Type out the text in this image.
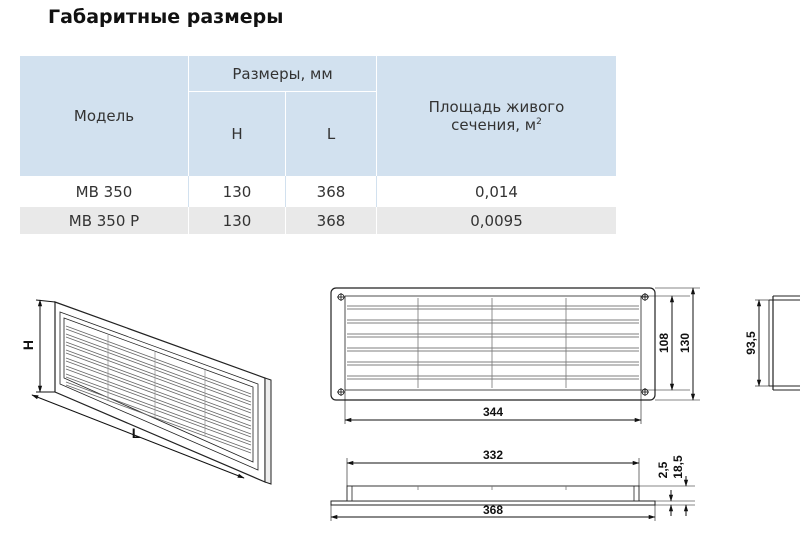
Габаритные размеры
Модель	Размеры, мм		Площадь живого
сечения, $м^2$
	H	L	
МВ 350	130	368	0,014
МВ 350 Р	130	368	0,0095
H
L
108 130
344
332
368
2,5 18,5
93,5
